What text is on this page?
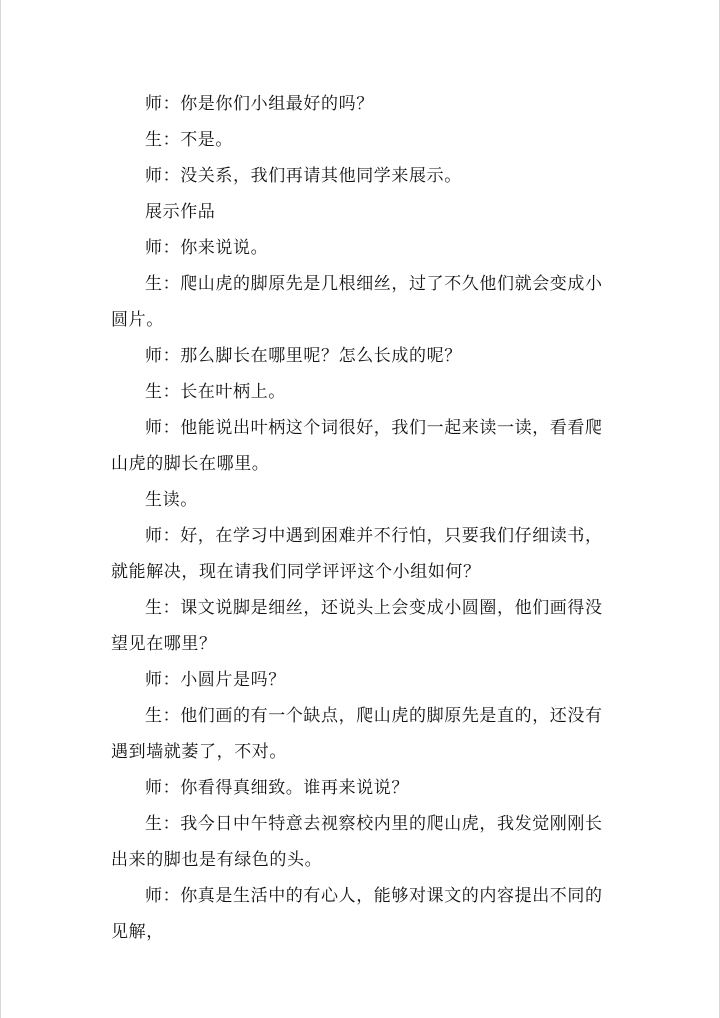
师：你是你们小组最好的吗？

生：不是。

师：没关系，我们再请其他同学来展示。

展示作品

师：你来说说。

生：爬山虎的脚原先是几根细丝，过了不久他们就会变成小圆片。

师：那么脚长在哪里呢？怎么长成的呢？

生：长在叶柄上。

师：他能说出叶柄这个词很好，我们一起来读一读，看看爬山虎的脚长在哪里。

生读。

师：好，在学习中遇到困难并不行怕，只要我们仔细读书，就能解决，现在请我们同学评评这个小组如何？

生：课文说脚是细丝，还说头上会变成小圆圈，他们画得没望见在哪里？

师：小圆片是吗？

生：他们画的有一个缺点，爬山虎的脚原先是直的，还没有遇到墙就萎了，不对。

师：你看得真细致。谁再来说说？

生：我今日中午特意去视察校内里的爬山虎，我发觉刚刚长出来的脚也是有绿色的头。

师：你真是生活中的有心人，能够对课文的内容提出不同的见解，
